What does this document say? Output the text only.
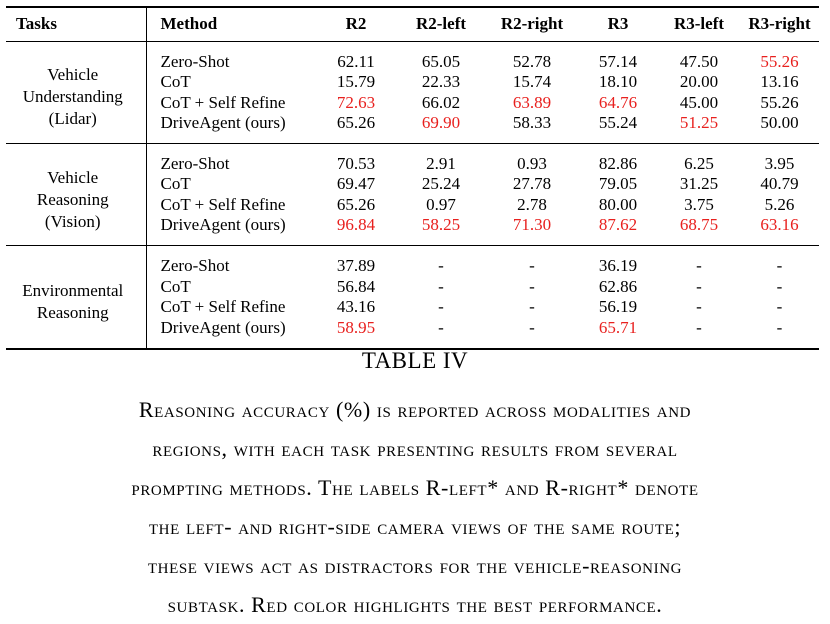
Tasks	Method	R2	R2-left	R2-right	R3	R3-left	R3-right

Vehicle
Understanding
(Lidar)	Zero-Shot	62.11	65.05	52.78	57.14	47.50	55.26
	CoT	15.79	22.33	15.74	18.10	20.00	13.16
	CoT + Self Refine	72.63	66.02	63.89	64.76	45.00	55.26
	DriveAgent (ours)	65.26	69.90	58.33	55.24	51.25	50.00

Vehicle
Reasoning
(Vision)	Zero-Shot	70.53	2.91	0.93	82.86	6.25	3.95
	CoT	69.47	25.24	27.78	79.05	31.25	40.79
	CoT + Self Refine	65.26	0.97	2.78	80.00	3.75	5.26
	DriveAgent (ours)	96.84	58.25	71.30	87.62	68.75	63.16

Environmental
Reasoning	Zero-Shot	37.89	-	-	36.19	-	-
	CoT	56.84	-	-	62.86	-	-
	CoT + Self Refine	43.16	-	-	56.19	-	-
	DriveAgent (ours)	58.95	-	-	65.71	-	-
TABLE IV
Reasoning accuracy (%) is reported across modalities and
regions, with each task presenting results from several
prompting methods. The labels R-left* and R-right* denote
the left- and right-side camera views of the same route;
these views act as distractors for the vehicle-reasoning
subtask. Red color highlights the best performance.
